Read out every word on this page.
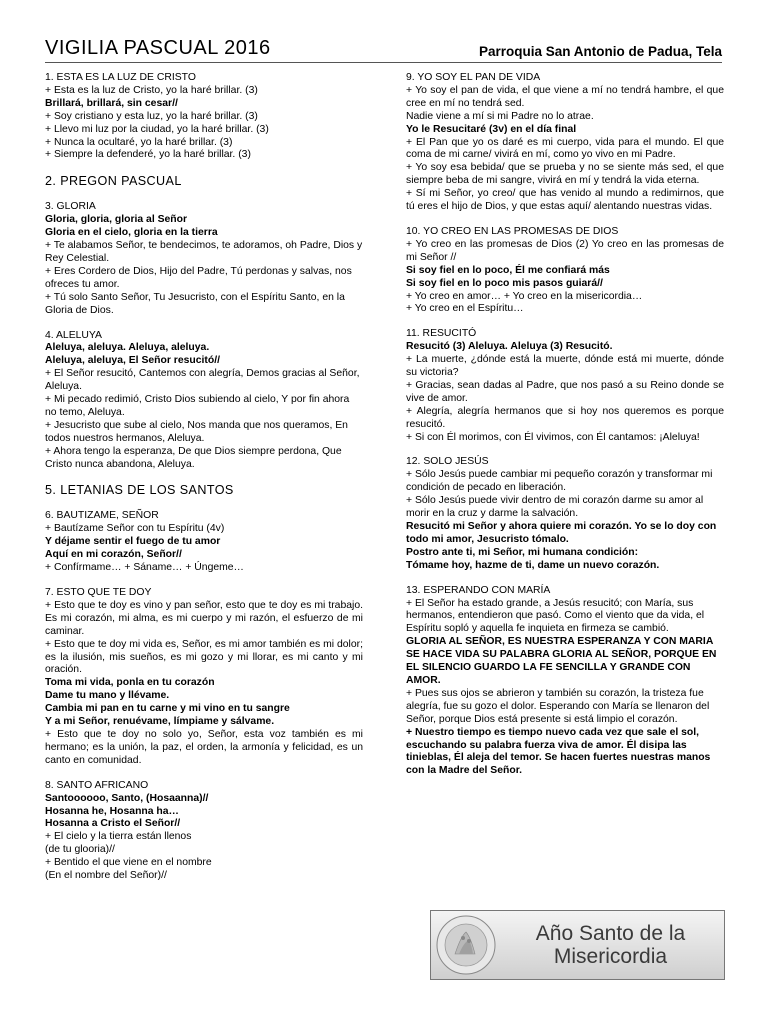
VIGILIA PASCUAL 2016	Parroquia San Antonio de Padua, Tela
1. ESTA ES LA LUZ DE CRISTO
+ Esta es la luz de Cristo, yo la haré brillar. (3)
Brillará, brillará, sin cesar//
+ Soy cristiano y esta luz, yo la haré brillar. (3)
+ Llevo mi luz por la ciudad, yo la haré brillar. (3)
+ Nunca la ocultaré, yo la haré brillar. (3)
+ Siempre la defenderé, yo la haré brillar. (3)
2. PREGON PASCUAL
3. GLORIA
Gloria, gloria, gloria al Señor
Gloria en el cielo, gloria en la tierra
+ Te alabamos Señor, te bendecimos, te adoramos, oh Padre, Dios y Rey Celestial.
+ Eres Cordero de Dios, Hijo del Padre, Tú perdonas y salvas, nos ofreces tu amor.
+ Tú solo Santo Señor, Tu Jesucristo, con el Espíritu Santo, en la Gloria de Dios.
4. ALELUYA
Aleluya, aleluya. Aleluya, aleluya.
Aleluya, aleluya, El Señor resucitó//
+ El Señor resucitó, Cantemos con alegría, Demos gracias al Señor, Aleluya.
+ Mi pecado redimió, Cristo Dios subiendo al cielo, Y por fin ahora no temo, Aleluya.
+ Jesucristo que sube al cielo, Nos manda que nos queramos, En todos nuestros hermanos, Aleluya.
+ Ahora tengo la esperanza, De que Dios siempre perdona, Que Cristo nunca abandona, Aleluya.
5. LETANIAS DE LOS SANTOS
6. BAUTIZAME, SEÑOR
+ Bautízame Señor con tu Espíritu (4v)
Y déjame sentir el fuego de tu amor
Aquí en mi corazón, Señor//
+ Confírmame… + Sáname… + Úngeme…
7. ESTO QUE TE DOY
+ Esto que te doy es vino y pan señor, esto que te doy es mi trabajo. Es mi corazón, mi alma, es mi cuerpo y mi razón, el esfuerzo de mi caminar.
+ Esto que te doy mi vida es, Señor, es mi amor también es mi dolor; es la ilusión, mis sueños, es mi gozo y mi llorar, es mi canto y mi oración.
Toma mi vida, ponla en tu corazón
Dame tu mano y llévame.
Cambia mi pan en tu carne y mi vino en tu sangre
Y a mi Señor, renuévame, límpiame y sálvame.
+ Esto que te doy no solo yo, Señor, esta voz también es mi hermano; es la unión, la paz, el orden, la armonía y felicidad, es un canto en comunidad.
8. SANTO AFRICANO
Santoooooo, Santo, (Hosaanna)//
Hosanna he, Hosanna ha…
Hosanna a Cristo el Señor//
+ El cielo y la tierra están llenos
(de tu glooria)//
+ Bentido el que viene en el nombre
(En el nombre del Señor)//
9. YO SOY EL PAN DE VIDA
+ Yo soy el pan de vida, el que viene a mí no tendrá hambre, el que cree en mí no tendrá sed.
Nadie viene a mí si mi Padre no lo atrae.
Yo le Resucitaré (3v) en el día final
+ El Pan que yo os daré es mi cuerpo, vida para el mundo. El que coma de mi carne/ vivirá en mí, como yo vivo en mi Padre.
+ Yo soy esa bebida/ que se prueba y no se siente más sed, el que siempre beba de mi sangre, vivirá en mí y tendrá la vida eterna.
+ Sí mi Señor, yo creo/ que has venido al mundo a redimirnos, que tú eres el hijo de Dios, y que estas aquí/ alentando nuestras vidas.
10. YO CREO EN LAS PROMESAS DE DIOS
+ Yo creo en las promesas de Dios (2) Yo creo en las promesas de mi Señor //
Si soy fiel en lo poco, Él me confiará más
Si soy fiel en lo poco mis pasos guiará//
+ Yo creo en amor… + Yo creo en la misericordia…
+ Yo creo en el Espíritu…
11. RESUCITÓ
Resucitó (3) Aleluya. Aleluya (3) Resucitó.
+ La muerte, ¿dónde está la muerte, dónde está mi muerte, dónde su victoria?
+ Gracias, sean dadas al Padre, que nos pasó a su Reino donde se vive de amor.
+ Alegría, alegría hermanos que si hoy nos queremos es porque resucitó.
+ Si con Él morimos, con Él vivimos, con Él cantamos: ¡Aleluya!
12. SOLO JESÚS
+ Sólo Jesús puede cambiar mi pequeño corazón y transformar mi condición de pecado en liberación.
+ Sólo Jesús puede vivir dentro de mi corazón darme su amor al morir en la cruz y darme la salvación.
Resucitó mi Señor y ahora quiere mi corazón. Yo se lo doy con todo mi amor, Jesucristo tómalo.
Postro ante ti, mi Señor, mi humana condición:
Tómame hoy, hazme de ti, dame un nuevo corazón.
13. ESPERANDO CON MARÍA
+ El Señor ha estado grande, a Jesús resucitó; con María, sus hermanos, entendieron que pasó. Como el viento que da vida, el Espíritu sopló y aquella fe inquieta en firmeza se cambió.
GLORIA AL SEÑOR, ES NUESTRA ESPERANZA Y CON MARIA SE HACE VIDA SU PALABRA GLORIA AL SEÑOR, PORQUE EN EL SILENCIO GUARDO LA FE SENCILLA Y GRANDE CON AMOR.
+ Pues sus ojos se abrieron y también su corazón, la tristeza fue alegría, fue su gozo el dolor. Esperando con María se llenaron del Señor, porque Dios está presente si está limpio el corazón.
+ Nuestro tiempo es tiempo nuevo cada vez que sale el sol, escuchando su palabra fuerza viva de amor. Él disipa las tinieblas, Él aleja del temor. Se hacen fuertes nuestras manos con la Madre del Señor.
Año Santo de la
Misericordia
